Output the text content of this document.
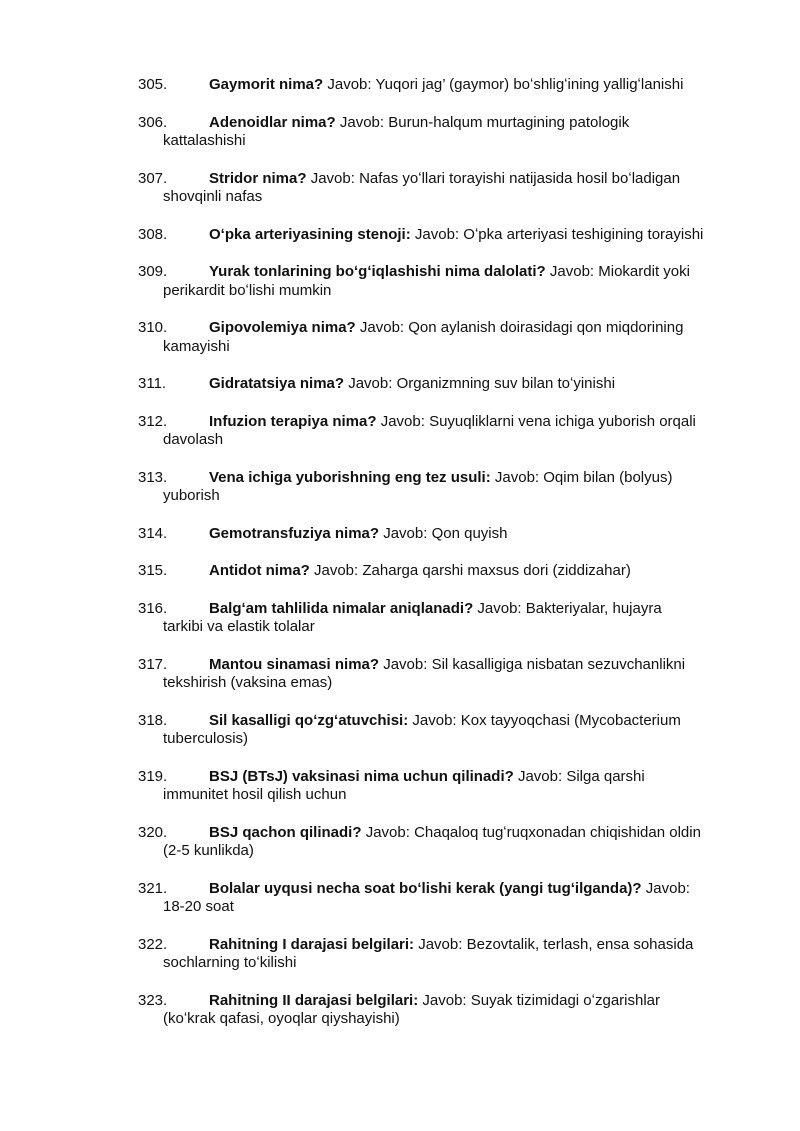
305.	Gaymorit nima? Javob: Yuqori jag’ (gaymor) boʻshligʻining yalligʻlanishi
306.	Adenoidlar nima? Javob: Burun-halqum murtagining patologik
kattalashishi
307.	Stridor nima? Javob: Nafas yoʻllari torayishi natijasida hosil boʻladigan
shovqinli nafas
308.	Oʻpka arteriyasining stenoji: Javob: Oʻpka arteriyasi teshigining torayishi
309.	Yurak tonlarining boʻgʻiqlashishi nima dalolati? Javob: Miokardit yoki
perikardit boʻlishi mumkin
310.	Gipovolemiya nima? Javob: Qon aylanish doirasidagi qon miqdorining
kamayishi
311.	Gidratatsiya nima? Javob: Organizmning suv bilan toʻyinishi
312.	Infuzion terapiya nima? Javob: Suyuqliklarni vena ichiga yuborish orqali
davolash
313.	Vena ichiga yuborishning eng tez usuli: Javob: Oqim bilan (bolyus)
yuborish
314.	Gemotransfuziya nima? Javob: Qon quyish
315.	Antidot nima? Javob: Zaharga qarshi maxsus dori (ziddizahar)
316.	Balgʻam tahlilida nimalar aniqlanadi? Javob: Bakteriyalar, hujayra
tarkibi va elastik tolalar
317.	Mantou sinamasi nima? Javob: Sil kasalligiga nisbatan sezuvchanlikni
tekshirish (vaksina emas)
318.	Sil kasalligi qoʻzgʻatuvchisi: Javob: Kox tayyoqchasi (Mycobacterium
tuberculosis)
319.	BSJ (BTsJ) vaksinasi nima uchun qilinadi? Javob: Silga qarshi
immunitet hosil qilish uchun
320.	BSJ qachon qilinadi? Javob: Chaqaloq tugʻruqxonadan chiqishidan oldin
(2-5 kunlikda)
321.	Bolalar uyqusi necha soat boʻlishi kerak (yangi tugʻilganda)? Javob:
18-20 soat
322.	Rahitning I darajasi belgilari: Javob: Bezovtalik, terlash, ensa sohasida
sochlarning toʻkilishi
323.	Rahitning II darajasi belgilari: Javob: Suyak tizimidagi oʻzgarishlar
(koʻkrak qafasi, oyoqlar qiyshayishi)
